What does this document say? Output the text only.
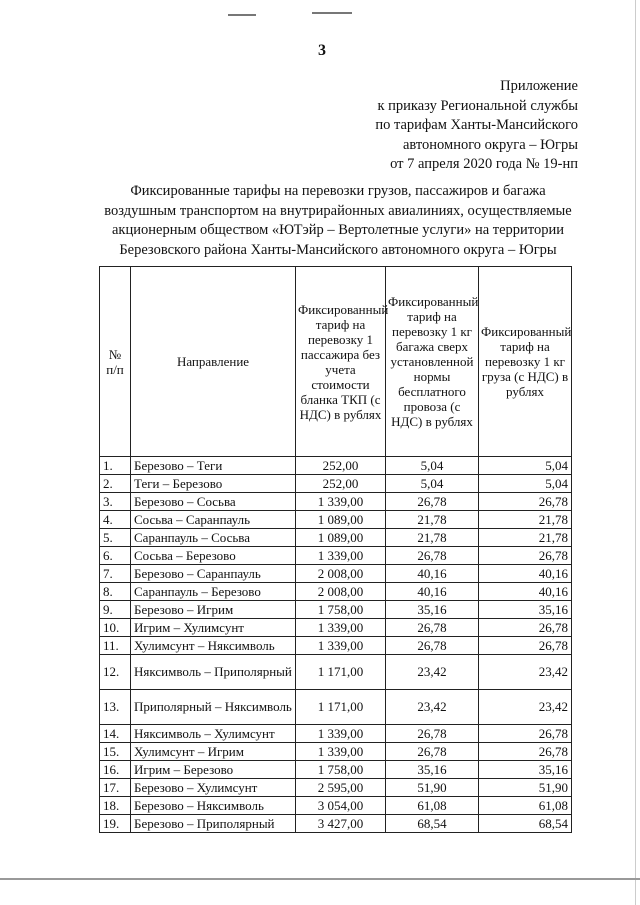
3
Приложение
к приказу Региональной службы
по тарифам Ханты-Мансийского
автономного округа – Югры
от 7 апреля 2020 года № 19-нп
Фиксированные тарифы на перевозки грузов, пассажиров и багажа
воздушным транспортом на внутрирайонных авиалиниях, осуществляемые
акционерным обществом «ЮТэйр – Вертолетные услуги» на территории
Березовского района Ханты-Мансийского автономного округа – Югры
№ п/п	Направление	Фиксированный тариф на перевозку 1 пассажира без учета стоимости бланка ТКП (с НДС) в рублях	Фиксированный тариф на перевозку 1 кг багажа сверх установленной нормы бесплатного провоза (с НДС) в рублях	Фиксированный тариф на перевозку 1 кг груза (с НДС) в рублях
1.	Березово – Теги	252,00	5,04	5,04
2.	Теги – Березово	252,00	5,04	5,04
3.	Березово – Сосьва	1 339,00	26,78	26,78
4.	Сосьва – Саранпауль	1 089,00	21,78	21,78
5.	Саранпауль – Сосьва	1 089,00	21,78	21,78
6.	Сосьва – Березово	1 339,00	26,78	26,78
7.	Березово – Саранпауль	2 008,00	40,16	40,16
8.	Саранпауль – Березово	2 008,00	40,16	40,16
9.	Березово – Игрим	1 758,00	35,16	35,16
10.	Игрим – Хулимсунт	1 339,00	26,78	26,78
11.	Хулимсунт – Няксимволь	1 339,00	26,78	26,78
12.	Няксимволь – Приполярный	1 171,00	23,42	23,42
13.	Приполярный – Няксимволь	1 171,00	23,42	23,42
14.	Няксимволь – Хулимсунт	1 339,00	26,78	26,78
15.	Хулимсунт – Игрим	1 339,00	26,78	26,78
16.	Игрим – Березово	1 758,00	35,16	35,16
17.	Березово – Хулимсунт	2 595,00	51,90	51,90
18.	Березово – Няксимволь	3 054,00	61,08	61,08
19.	Березово – Приполярный	3 427,00	68,54	68,54
